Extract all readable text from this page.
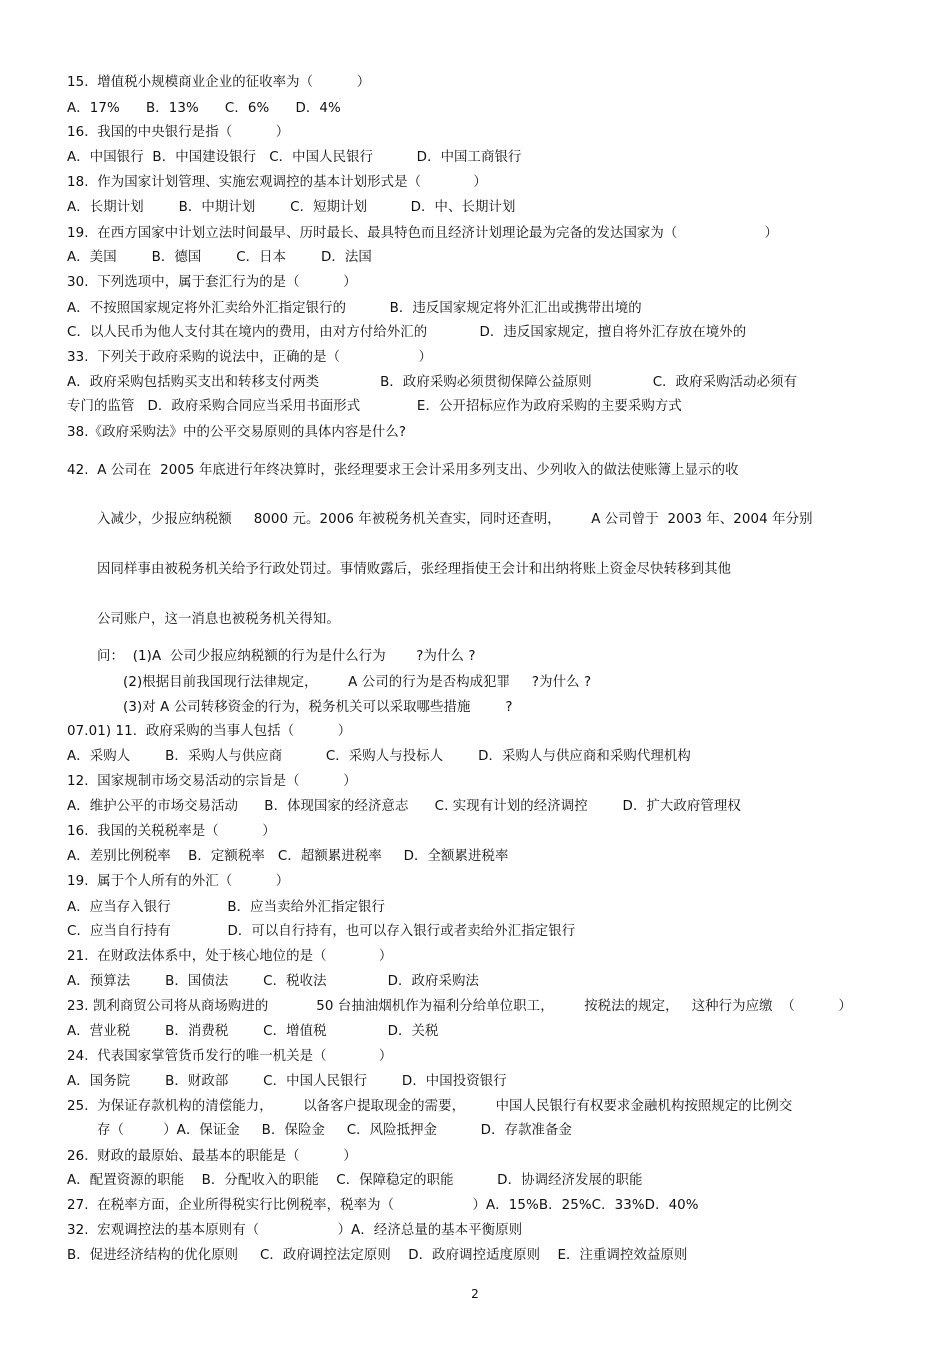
15.  增值税小规模商业企业的征收率为（          ）
A．17%      B．13%      C．6%      D．4%
16.  我国的中央银行是指（          ）
A．中国银行  B．中国建设银行   C．中国人民银行          D．中国工商银行
18.  作为国家计划管理、实施宏观调控的基本计划形式是（            ）
A．长期计划        B．中期计划        C．短期计划          D．中、长期计划
19.  在西方国家中计划立法时间最早、历时最长、最具特色而且经济计划理论最为完备的发达国家为（                    ）
A．美国        B．德国        C．日本        D．法国
30.  下列选项中，属于套汇行为的是（          ）
A．不按照国家规定将外汇卖给外汇指定银行的          B．违反国家规定将外汇汇出或携带出境的
C．以人民币为他人支付其在境内的费用，由对方付给外汇的            D．违反国家规定，擅自将外汇存放在境外的
33.  下列关于政府采购的说法中，正确的是（                  ）
A．政府采购包括购买支出和转移支付两类              B．政府采购必须贯彻保障公益原则              C．政府采购活动必须有
专门的监管   D．政府采购合同应当采用书面形式             E．公开招标应作为政府采购的主要采购方式
38.《政府采购法》中的公平交易原则的具体内容是什么?
42.  A 公司在  2005 年底进行年终决算时，张经理要求王会计采用多列支出、少列收入的做法使账簿上显示的收
入减少，少报应纳税额     8000 元。2006 年被税务机关查实，同时还查明，       A 公司曾于  2003 年、2004 年分别
因同样事由被税务机关给予行政处罚过。事情败露后，张经理指使王会计和出纳将账上资金尽快转移到其他
公司账户，这一消息也被税务机关得知。
问：  (1)A  公司少报应纳税额的行为是什么行为       ?为什么 ?
(2)根据目前我国现行法律规定，       A 公司的行为是否构成犯罪     ?为什么 ?
(3)对 A 公司转移资金的行为，税务机关可以采取哪些措施        ?
07.01) 11.  政府采购的当事人包括（          ）
A．采购人        B．采购人与供应商          C．采购人与投标人        D．采购人与供应商和采购代理机构
12.  国家规制市场交易活动的宗旨是（          ）
A．维护公平的市场交易活动      B．体现国家的经济意志      C. 实现有计划的经济调控        D．扩大政府管理权
16.  我国的关税税率是（          ）
A．差别比例税率    B．定额税率   C．超额累进税率     D．全额累进税率
19.  属于个人所有的外汇（          ）
A．应当存入银行             B．应当卖给外汇指定银行
C．应当自行持有             D．可以自行持有，也可以存入银行或者卖给外汇指定银行
21.  在财政法体系中，处于核心地位的是（            ）
A．预算法        B．国债法        C．税收法              D．政府采购法
23. 凯利商贸公司将从商场购进的           50 台抽油烟机作为福利分给单位职工，       按税法的规定，   这种行为应缴  （          ）
A．营业税        B．消费税        C．增值税              D．关税
24.  代表国家掌管货币发行的唯一机关是（            ）
A．国务院        B．财政部        C．中国人民银行        D．中国投资银行
25.  为保证存款机构的清偿能力，       以备客户提取现金的需要，       中国人民银行有权要求金融机构按照规定的比例交
存（         ）A．保证金     B．保险金     C．风险抵押金          D．存款准备金
26.  财政的最原始、最基本的职能是（          ）
A．配置资源的职能    B．分配收入的职能    C．保障稳定的职能          D．协调经济发展的职能
27.  在税率方面，企业所得税实行比例税率，税率为（                  ）A．15%B．25%C．33%D．40%
32.  宏观调控法的基本原则有（                  ）A．经济总量的基本平衡原则
B．促进经济结构的优化原则     C．政府调控法定原则    D．政府调控适度原则    E．注重调控效益原则
2
